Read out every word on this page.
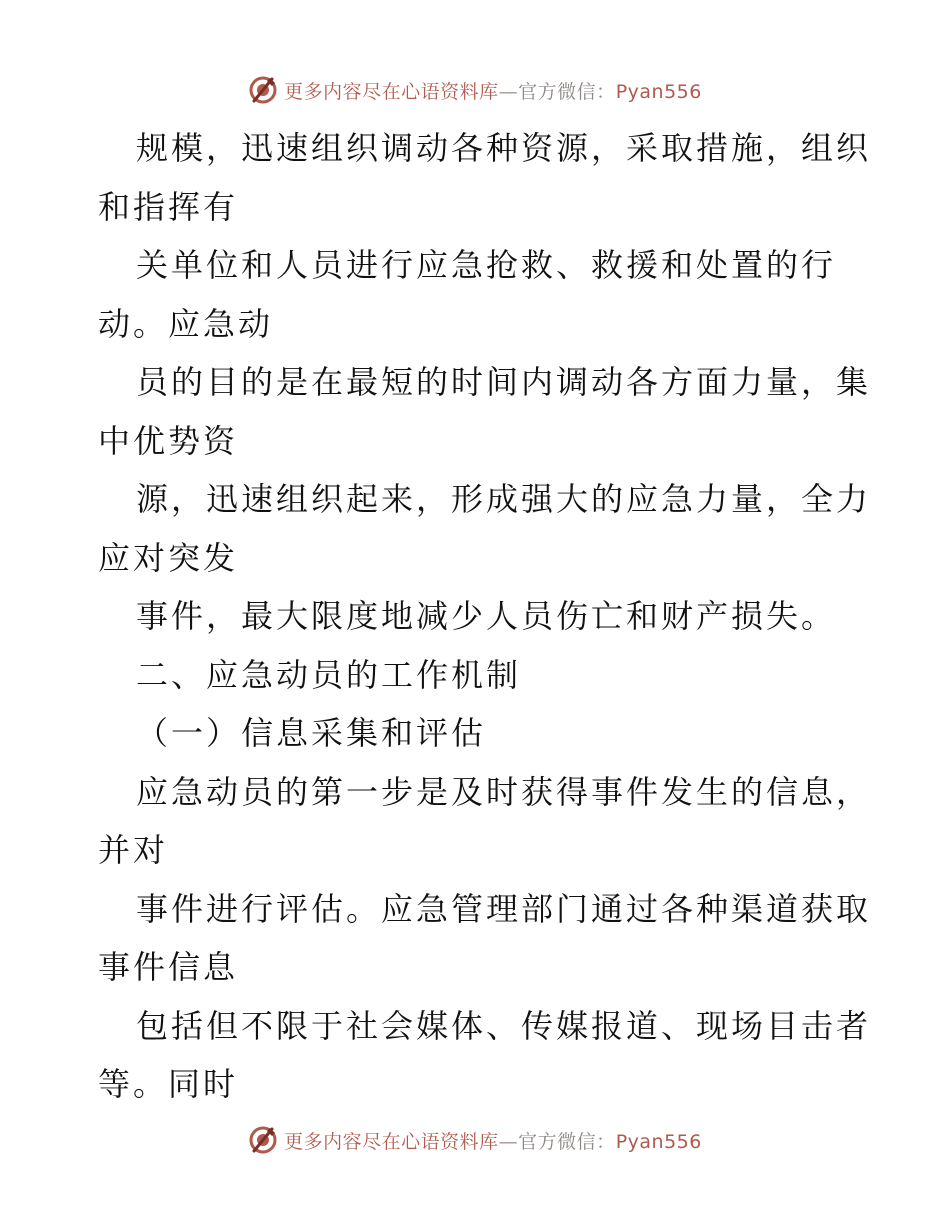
更多内容尽在心语资料库—官方微信：Pyan556
规模，迅速组织调动各种资源，采取措施，组织
和指挥有
关单位和人员进行应急抢救、救援和处置的行
动。应急动
员的目的是在最短的时间内调动各方面力量，集
中优势资
源，迅速组织起来，形成强大的应急力量，全力
应对突发
事件，最大限度地减少人员伤亡和财产损失。
二、应急动员的工作机制
（一）信息采集和评估
应急动员的第一步是及时获得事件发生的信息，
并对
事件进行评估。应急管理部门通过各种渠道获取
事件信息
包括但不限于社会媒体、传媒报道、现场目击者
等。同时
更多内容尽在心语资料库—官方微信：Pyan556
